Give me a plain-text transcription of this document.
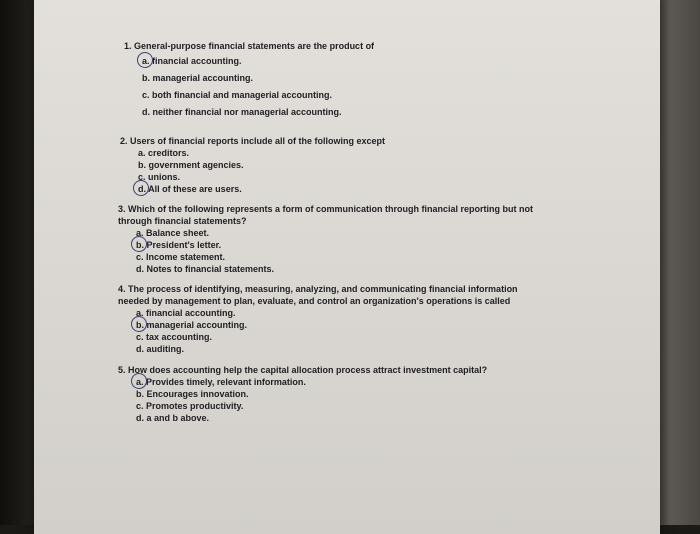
1. General-purpose financial statements are the product of
a. financial accounting.
b. managerial accounting.
c. both financial and managerial accounting.
d. neither financial nor managerial accounting.
2. Users of financial reports include all of the following except
a. creditors.
b. government agencies.
c. unions.
d. All of these are users.
3. Which of the following represents a form of communication through financial reporting but not
through financial statements?
a. Balance sheet.
b. President's letter.
c. Income statement.
d. Notes to financial statements.
4. The process of identifying, measuring, analyzing, and communicating financial information
needed by management to plan, evaluate, and control an organization's operations is called
a. financial accounting.
b. managerial accounting.
c. tax accounting.
d. auditing.
5. How does accounting help the capital allocation process attract investment capital?
a. Provides timely, relevant information.
b. Encourages innovation.
c. Promotes productivity.
d. a and b above.
